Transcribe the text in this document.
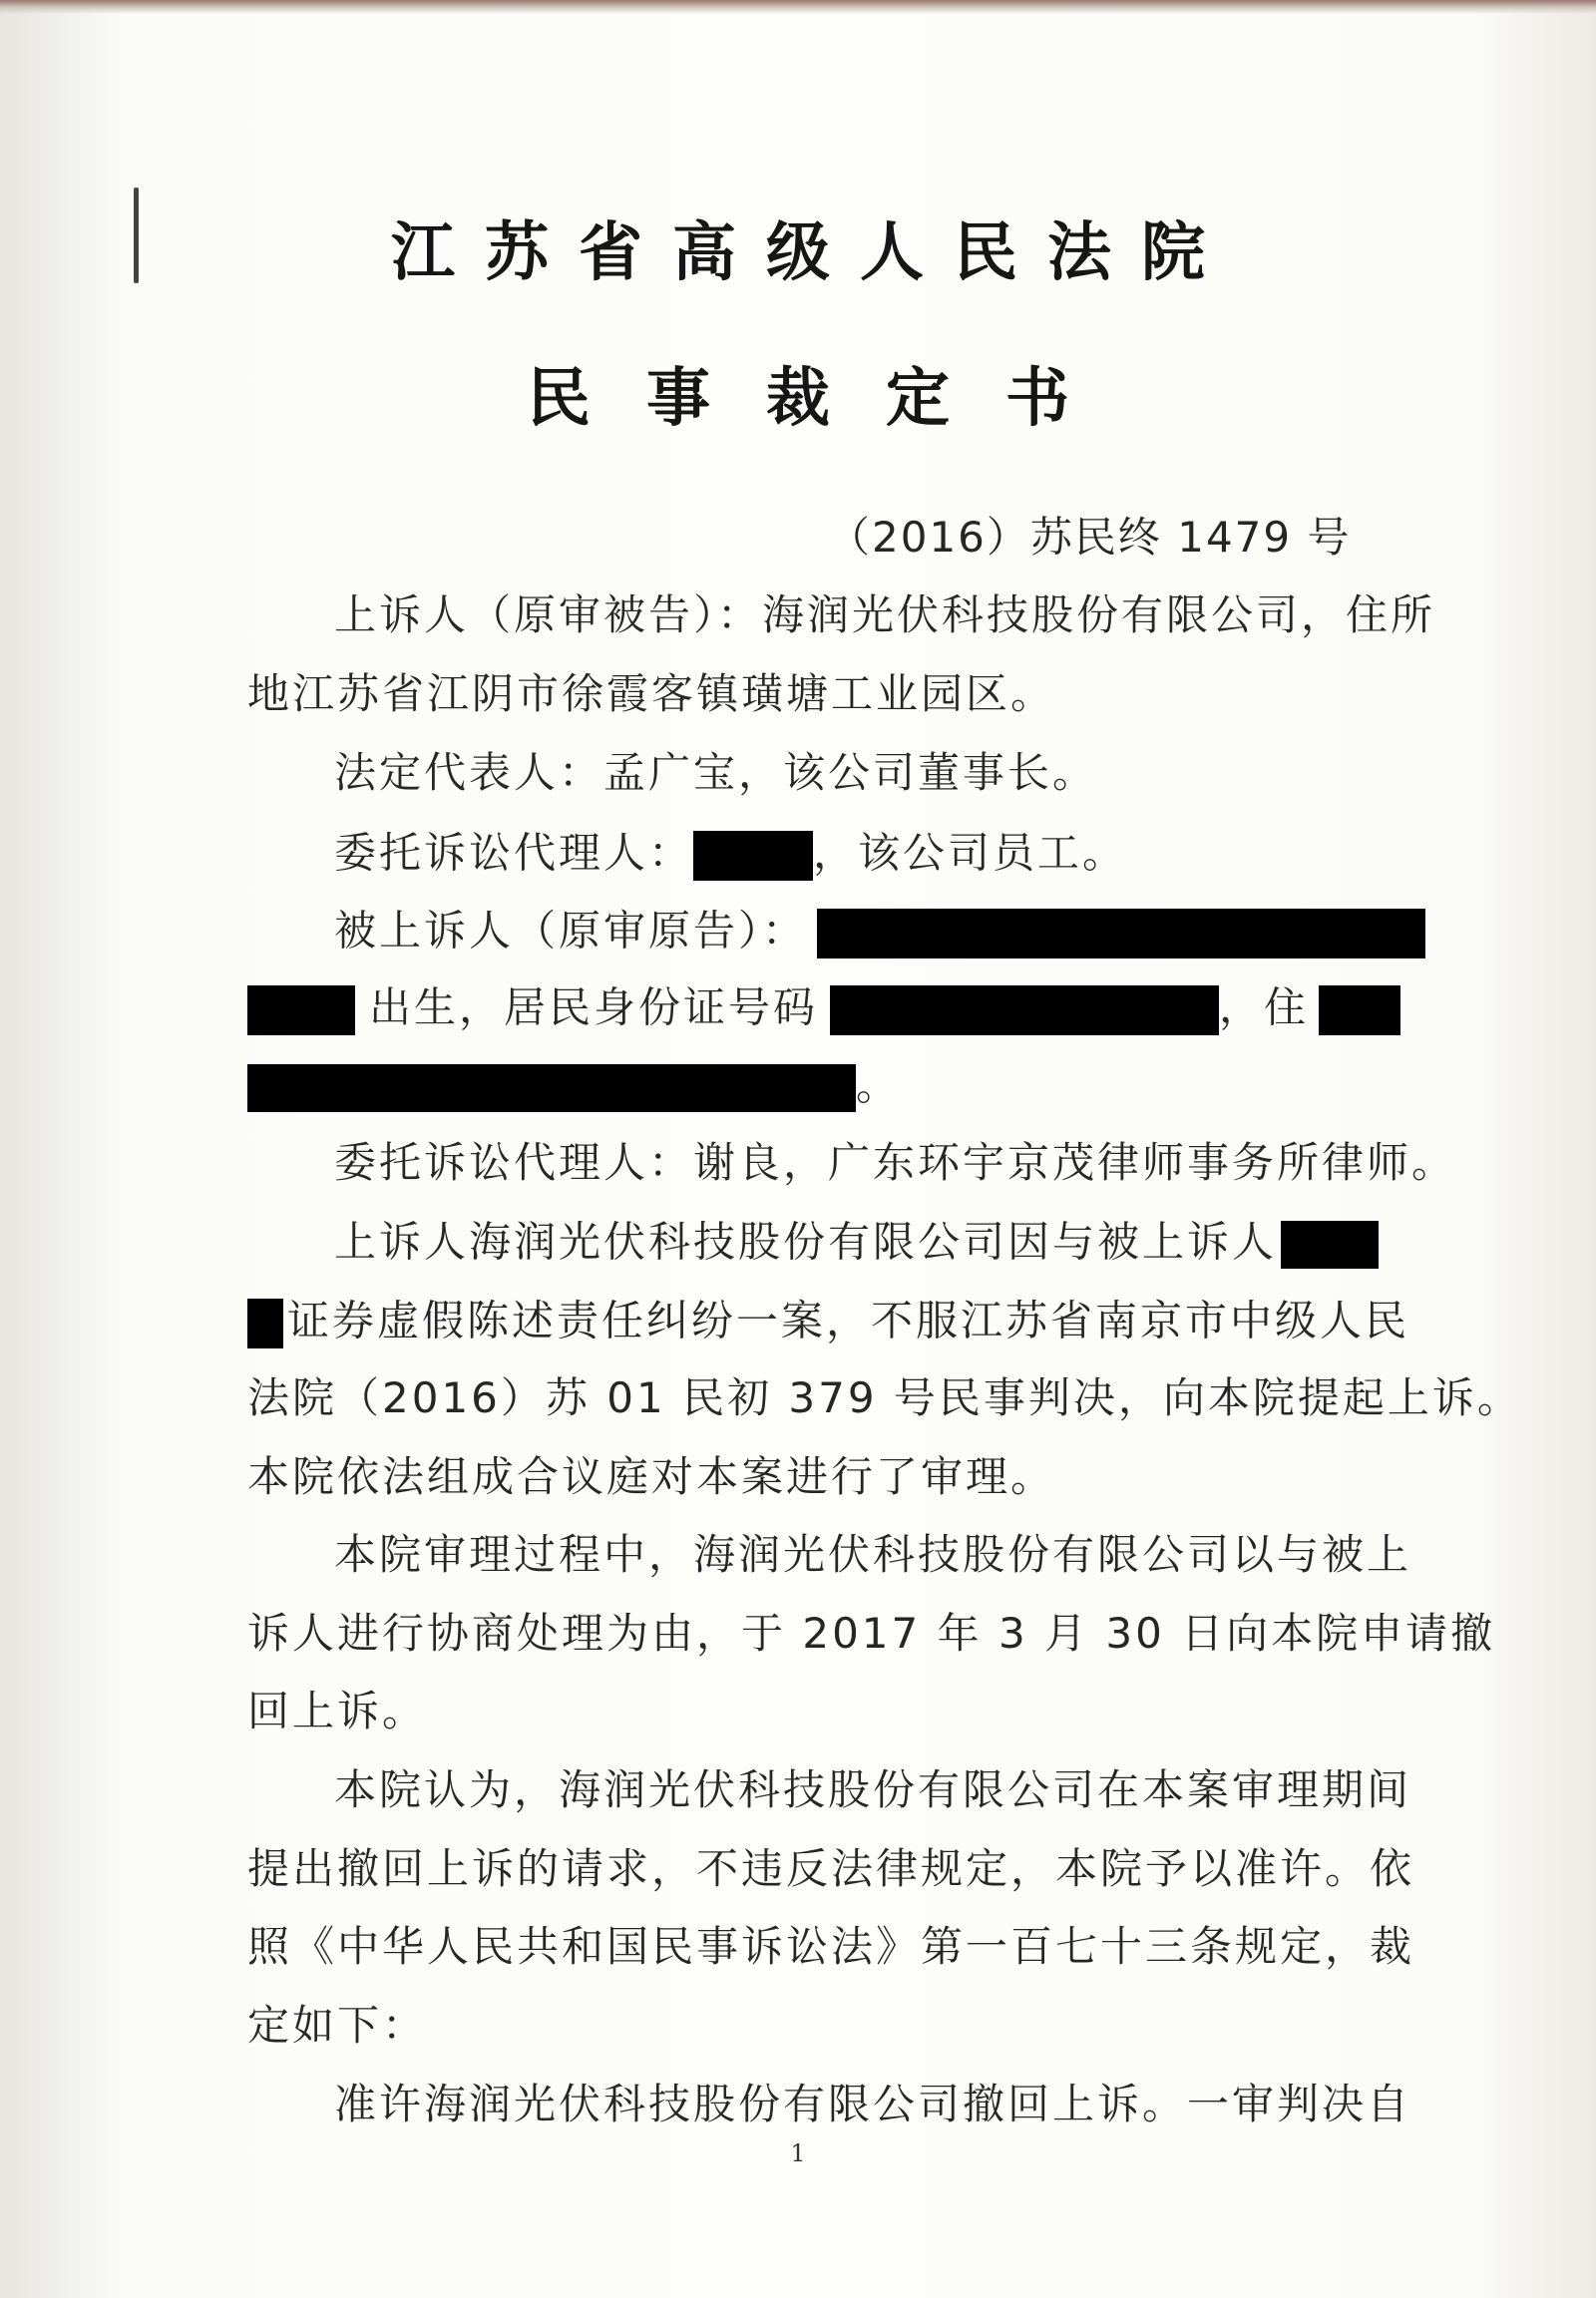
江苏省高级人民法院
民事裁定书
（2016）苏民终 1479 号
上诉人（原审被告）：海润光伏科技股份有限公司，住所
地江苏省江阴市徐霞客镇璜塘工业园区。
法定代表人：孟广宝，该公司董事长。
委托诉讼代理人：	，该公司员工。
被上诉人（原审原告）：
出生，居民身份证号码	，住
。
委托诉讼代理人：谢良，广东环宇京茂律师事务所律师。
上诉人海润光伏科技股份有限公司因与被上诉人
证券虚假陈述责任纠纷一案，不服江苏省南京市中级人民
法院（2016）苏 01 民初 379 号民事判决，向本院提起上诉。
本院依法组成合议庭对本案进行了审理。
本院审理过程中，海润光伏科技股份有限公司以与被上
诉人进行协商处理为由，于 2017 年 3 月 30 日向本院申请撤
回上诉。
本院认为，海润光伏科技股份有限公司在本案审理期间
提出撤回上诉的请求，不违反法律规定，本院予以准许。依
照《中华人民共和国民事诉讼法》第一百七十三条规定，裁
定如下：
准许海润光伏科技股份有限公司撤回上诉。一审判决自
1
